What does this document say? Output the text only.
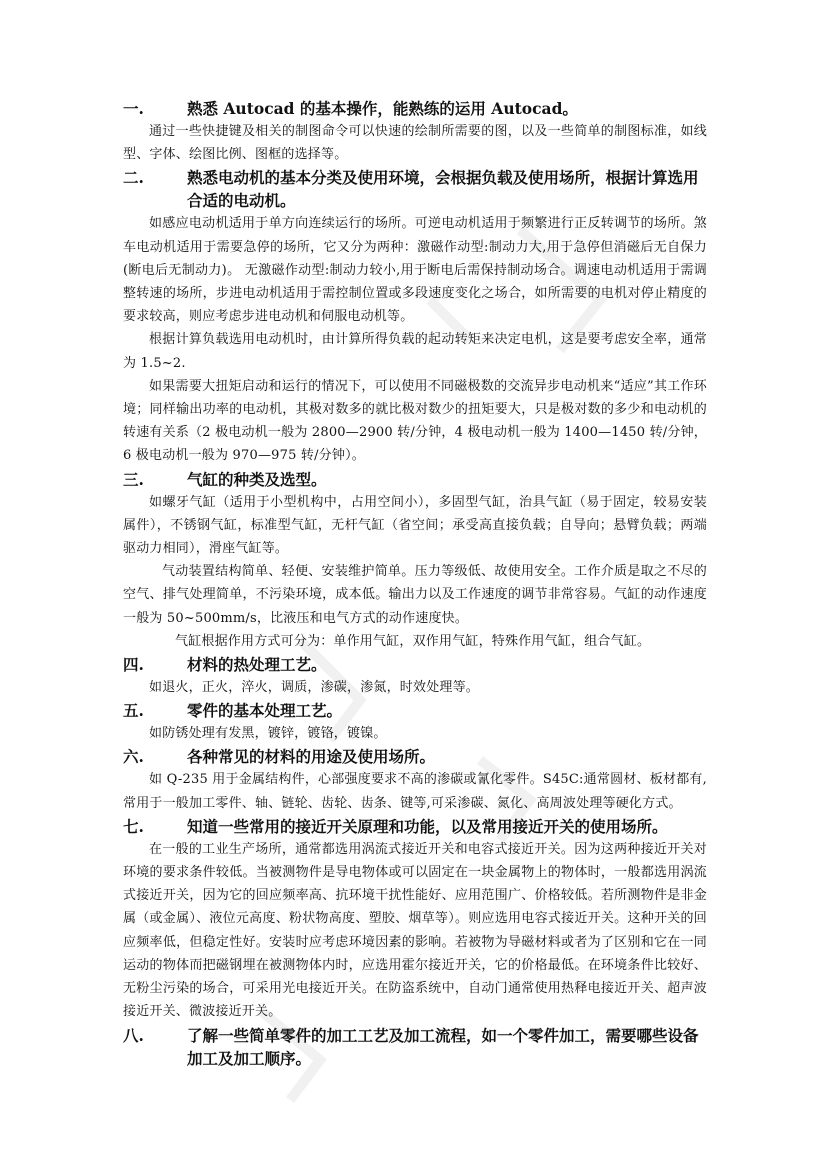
一.	熟悉 Autocad 的基本操作，能熟练的运用 Autocad。

通过一些快捷键及相关的制图命令可以快速的绘制所需要的图，以及一些简单的制图标准，如线型、字体、绘图比例、图框的选择等。

二.	熟悉电动机的基本分类及使用环境，会根据负载及使用场所，根据计算选用合适的电动机。

如感应电动机适用于单方向连续运行的场所。可逆电动机适用于频繁进行正反转调节的场所。煞车电动机适用于需要急停的场所，它又分为两种：激磁作动型:制动力大,用于急停但消磁后无自保力(断电后无制动力)。 无激磁作动型:制动力较小,用于断电后需保持制动场合。调速电动机适用于需调整转速的场所，步进电动机适用于需控制位置或多段速度变化之场合，如所需要的电机对停止精度的要求较高，则应考虑步进电动机和伺服电动机等。

根据计算负载选用电动机时，由计算所得负载的起动转矩来决定电机，这是要考虑安全率，通常为 1.5~2.

如果需要大扭矩启动和运行的情况下，可以使用不同磁极数的交流异步电动机来“适应”其工作环境；同样输出功率的电动机，其极对数多的就比极对数少的扭矩要大，只是极对数的多少和电动机的转速有关系（2 极电动机一般为 2800—2900 转/分钟，4 极电动机一般为 1400—1450 转/分钟，6 极电动机一般为 970—975 转/分钟）。

三.	气缸的种类及选型。

如螺牙气缸（适用于小型机构中，占用空间小），多固型气缸，治具气缸（易于固定，较易安装属件），不锈钢气缸，标准型气缸，无杆气缸（省空间；承受高直接负载；自导向；悬臂负载；两端驱动力相同），滑座气缸等。

气动装置结构简单、轻便、安装维护简单。压力等级低、故使用安全。工作介质是取之不尽的空气、排气处理简单，不污染环境，成本低。输出力以及工作速度的调节非常容易。气缸的动作速度一般为 50~500mm/s，比液压和电气方式的动作速度快。

气缸根据作用方式可分为：单作用气缸，双作用气缸，特殊作用气缸，组合气缸。

四.	材料的热处理工艺。

如退火，正火，淬火，调质，渗碳，渗氮，时效处理等。

五.	零件的基本处理工艺。

如防锈处理有发黑，镀锌，镀铬，镀镍。

六.	各种常见的材料的用途及使用场所。

如 Q-235 用于金属结构件，心部强度要求不高的渗碳或氰化零件。S45C:通常圆材、板材都有,常用于一般加工零件、轴、链轮、齿轮、齿条、键等,可采渗碳、氮化、高周波处理等硬化方式。

七.	知道一些常用的接近开关原理和功能，以及常用接近开关的使用场所。

在一般的工业生产场所，通常都选用涡流式接近开关和电容式接近开关。因为这两种接近开关对环境的要求条件较低。当被测物件是导电物体或可以固定在一块金属物上的物体时，一般都选用涡流式接近开关，因为它的回应频率高、抗环境干扰性能好、应用范围广、价格较低。若所测物件是非金属（或金属）、液位元高度、粉状物高度、塑胶、烟草等）。则应选用电容式接近开关。这种开关的回应频率低，但稳定性好。安装时应考虑环境因素的影响。若被物为导磁材料或者为了区别和它在一同运动的物体而把磁钢埋在被测物体内时，应选用霍尔接近开关，它的价格最低。在环境条件比较好、无粉尘污染的场合，可采用光电接近开关。在防盗系统中，自动门通常使用热释电接近开关、超声波接近开关、微波接近开关。

八.	了解一些简单零件的加工工艺及加工流程，如一个零件加工，需要哪些设备加工及加工顺序。
